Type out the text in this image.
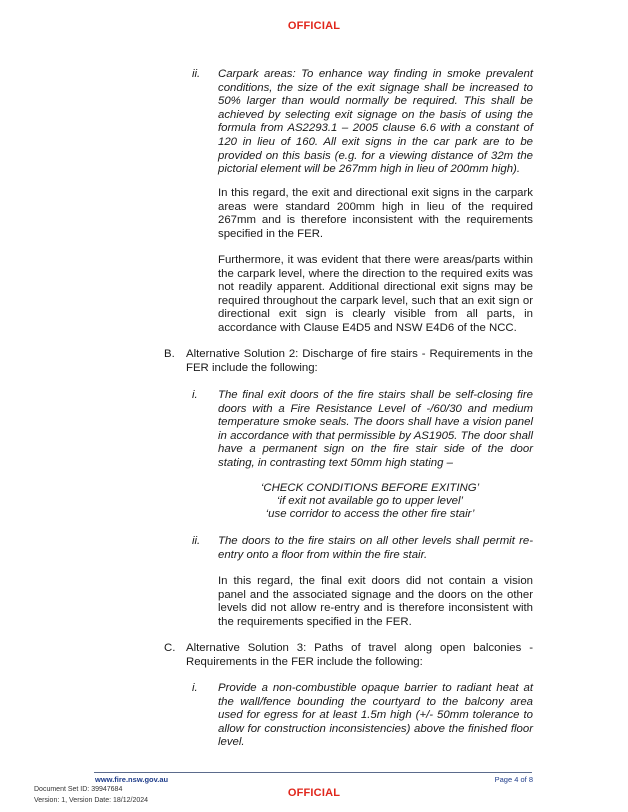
OFFICIAL
ii. Carpark areas: To enhance way finding in smoke prevalent conditions, the size of the exit signage shall be increased to 50% larger than would normally be required. This shall be achieved by selecting exit signage on the basis of using the formula from AS2293.1 – 2005 clause 6.6 with a constant of 120 in lieu of 160. All exit signs in the car park are to be provided on this basis (e.g. for a viewing distance of 32m the pictorial element will be 267mm high in lieu of 200mm high).

In this regard, the exit and directional exit signs in the carpark areas were standard 200mm high in lieu of the required 267mm and is therefore inconsistent with the requirements specified in the FER.

Furthermore, it was evident that there were areas/parts within the carpark level, where the direction to the required exits was not readily apparent. Additional directional exit signs may be required throughout the carpark level, such that an exit sign or directional exit sign is clearly visible from all parts, in accordance with Clause E4D5 and NSW E4D6 of the NCC.

B. Alternative Solution 2: Discharge of fire stairs - Requirements in the FER include the following:

i. The final exit doors of the fire stairs shall be self-closing fire doors with a Fire Resistance Level of -/60/30 and medium temperature smoke seals. The doors shall have a vision panel in accordance with that permissible by AS1905. The door shall have a permanent sign on the fire stair side of the door stating, in contrasting text 50mm high stating –

‘CHECK CONDITIONS BEFORE EXITING’

‘if exit not available go to upper level’

‘use corridor to access the other fire stair’

ii. The doors to the fire stairs on all other levels shall permit re-entry onto a floor from within the fire stair.

In this regard, the final exit doors did not contain a vision panel and the associated signage and the doors on the other levels did not allow re-entry and is therefore inconsistent with the requirements specified in the FER.

C. Alternative Solution 3: Paths of travel along open balconies - Requirements in the FER include the following:

i. Provide a non-combustible opaque barrier to radiant heat at the wall/fence bounding the courtyard to the balcony area used for egress for at least 1.5m high (+/- 50mm tolerance to allow for construction inconsistencies) above the finished floor level.

www.fire.nsw.gov.au	Page 4 of 8
Document Set ID: 39947684
Version: 1, Version Date: 18/12/2024
OFFICIAL
